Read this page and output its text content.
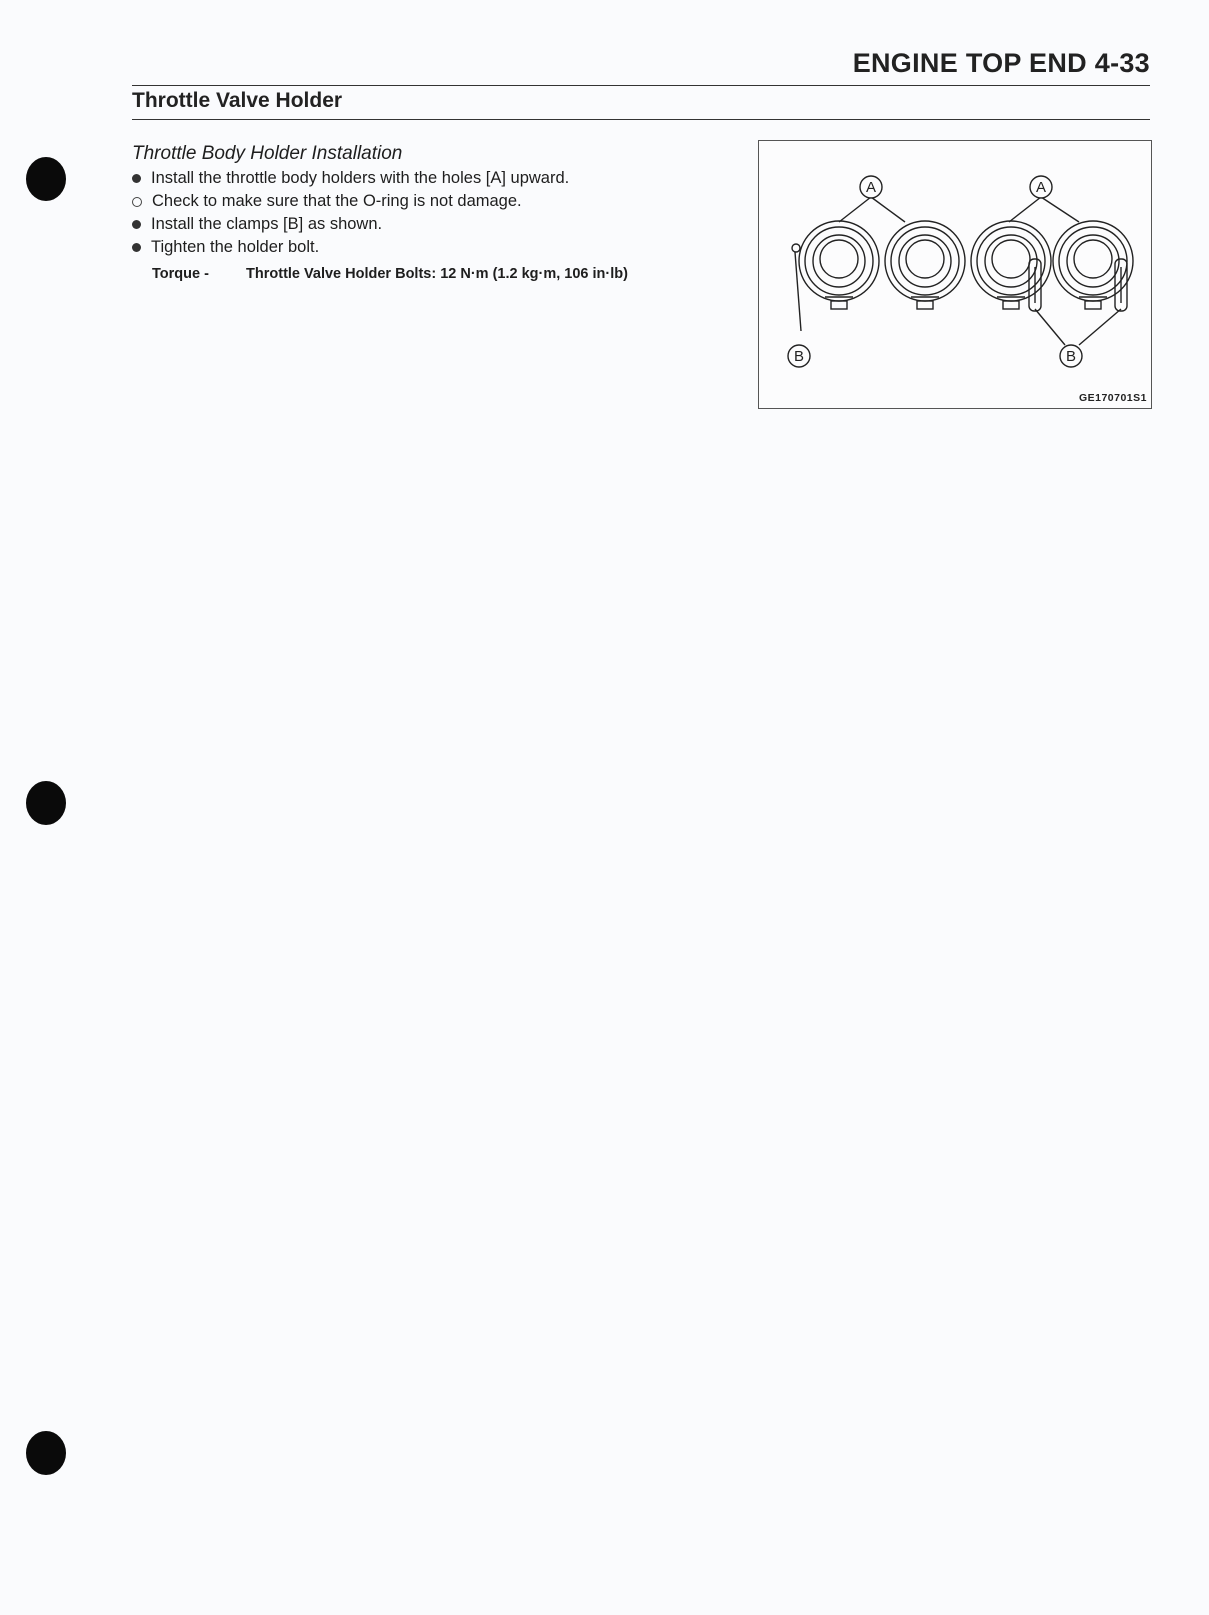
ENGINE TOP END 4-33
Throttle Valve Holder
Throttle Body Holder Installation
Install the throttle body holders with the holes [A] upward.
Check to make sure that the O-ring is not damage.
Install the clamps [B] as shown.
Tighten the holder bolt.
Torque -	Throttle Valve Holder Bolts: 12 N·m (1.2 kg·m, 106 in·lb)
A	A
B	B
GE170701S1
